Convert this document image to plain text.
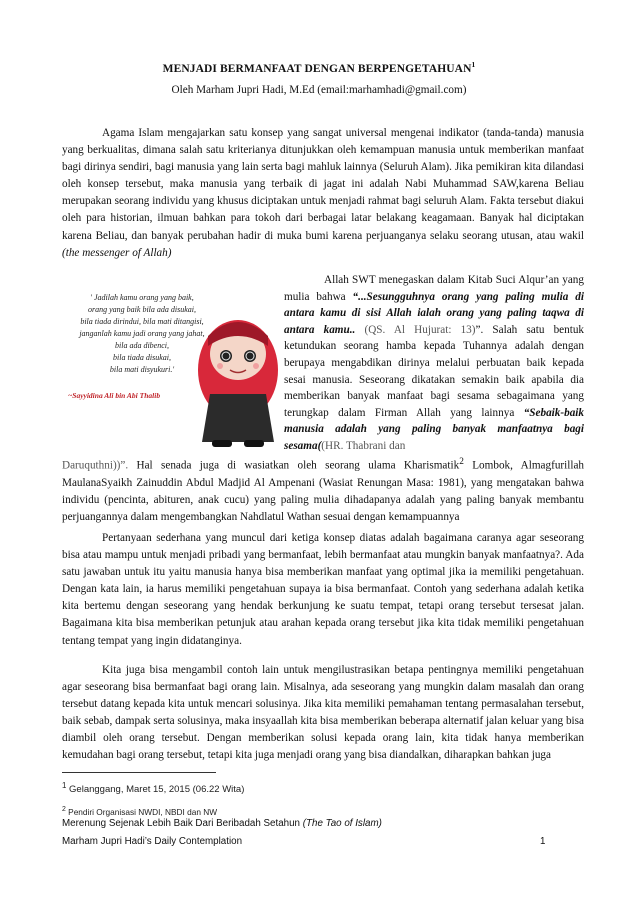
MENJADI BERMANFAAT DENGAN BERPENGETAHUAN$^1$
Oleh Marham Jupri Hadi, M.Ed (email:marhamhadi@gmail.com)

Agama Islam mengajarkan satu konsep yang sangat universal mengenai indikator (tanda-tanda) manusia yang berkualitas, dimana salah satu kriterianya ditunjukkan oleh kemampuan manusia untuk memberikan manfaat bagi dirinya sendiri, bagi manusia yang lain serta bagi mahluk lainnya (Seluruh Alam). Jika pemikiran kita dilandasi oleh konsep tersebut, maka manusia yang terbaik di jagat ini adalah Nabi Muhammad SAW,karena Beliau merupakan seorang individu yang khusus diciptakan untuk menjadi rahmat bagi seluruh Alam. Fakta tersebut diakui oleh para historian, ilmuan bahkan para tokoh dari berbagai latar belakang keagamaan. Banyak hal diciptakan karena Beliau, dan banyak perubahan hadir di muka bumi karena perjuanganya selaku seorang utusan, atau wakil (the messenger of Allah)

' Jadilah kamu orang yang baik,
orang yang baik bila ada disukai,
bila tiada dirindui, bila mati ditangisi,
janganlah kamu jadi orang yang jahat,
bila ada dibenci,
bila tiada disukai,
bila mati disyukuri.'
~Sayyidina Ali bin Abi Thalib

Allah SWT menegaskan dalam Kitab Suci Alqur’an yang mulia bahwa “...Sesungguhnya orang yang paling mulia di antara kamu di sisi Allah ialah orang yang paling taqwa di antara kamu.. (QS. Al Hujurat: 13)”. Salah satu bentuk ketundukan seorang hamba kepada Tuhannya adalah dengan berupaya mengabdikan dirinya melalui perbuatan baik kepada sesai manusia. Seseorang dikatakan semakin baik apabila dia memberikan banyak manfaat bagi sesama sebagaimana yang terungkap dalam Firman Allah yang lainnya “Sebaik-baik manusia adalah yang paling banyak manfaatnya bagi sesama((HR. Thabrani dan

Daruquthni))”. Hal senada juga di wasiatkan oleh seorang ulama Kharismatik$^2$ Lombok, Almagfurillah MaulanaSyaikh Zainuddin Abdul Madjid Al Ampenani (Wasiat Renungan Masa: 1981), yang mengatakan bahwa individu (pencinta, abituren, anak cucu) yang paling mulia dihadapanya adalah yang paling banyak membantu perjuangannya dalam mengembangkan Nahdlatul Wathan sesuai dengan kemampuannya

Pertanyaan sederhana yang muncul dari ketiga konsep diatas adalah bagaimana caranya agar seseorang bisa atau mampu untuk menjadi pribadi yang bermanfaat, lebih bermanfaat atau mungkin banyak manfaatnya?. Ada satu jawaban untuk itu yaitu manusia hanya bisa memberikan manfaat yang optimal jika ia memiliki pengetahuan. Dengan kata lain, ia harus memiliki pengetahuan supaya ia bisa bermanfaat. Contoh yang sederhana adalah ketika kita bertemu dengan seseorang yang hendak berkunjung ke suatu tempat, tetapi orang tersebut tersesat jalan. Bagaimana kita bisa memberikan petunjuk atau arahan kepada orang tersebut jika kita tidak memiliki pengetahuan tentang tempat yang ingin didatanginya.

Kita juga bisa mengambil contoh lain untuk mengilustrasikan betapa pentingnya memiliki pengetahuan agar seseorang bisa bermanfaat bagi orang lain. Misalnya, ada seseorang yang mungkin dalam masalah dan orang tersebut datang kepada kita untuk mencari solusinya. Jika kita memiliki pemahaman tentang permasalahan tersebut, baik sebab, dampak serta solusinya, maka insyaallah kita bisa memberikan beberapa alternatif jalan keluar yang bisa diambil oleh orang tersebut. Dengan memberikan solusi kepada orang lain, kita tidak hanya memberikan kemudahan bagi orang tersebut, tetapi kita juga menjadi orang yang bisa diandalkan, diharapkan bahkan juga

$^1$ Gelanggang, Maret 15, 2015 (06.22 Wita)
$^2$ Pendiri Organisasi NWDI, NBDI dan NW
Merenung Sejenak Lebih Baik Dari Beribadah Setahun (The Tao of Islam)
Marham Jupri Hadi’s Daily Contemplation	1
